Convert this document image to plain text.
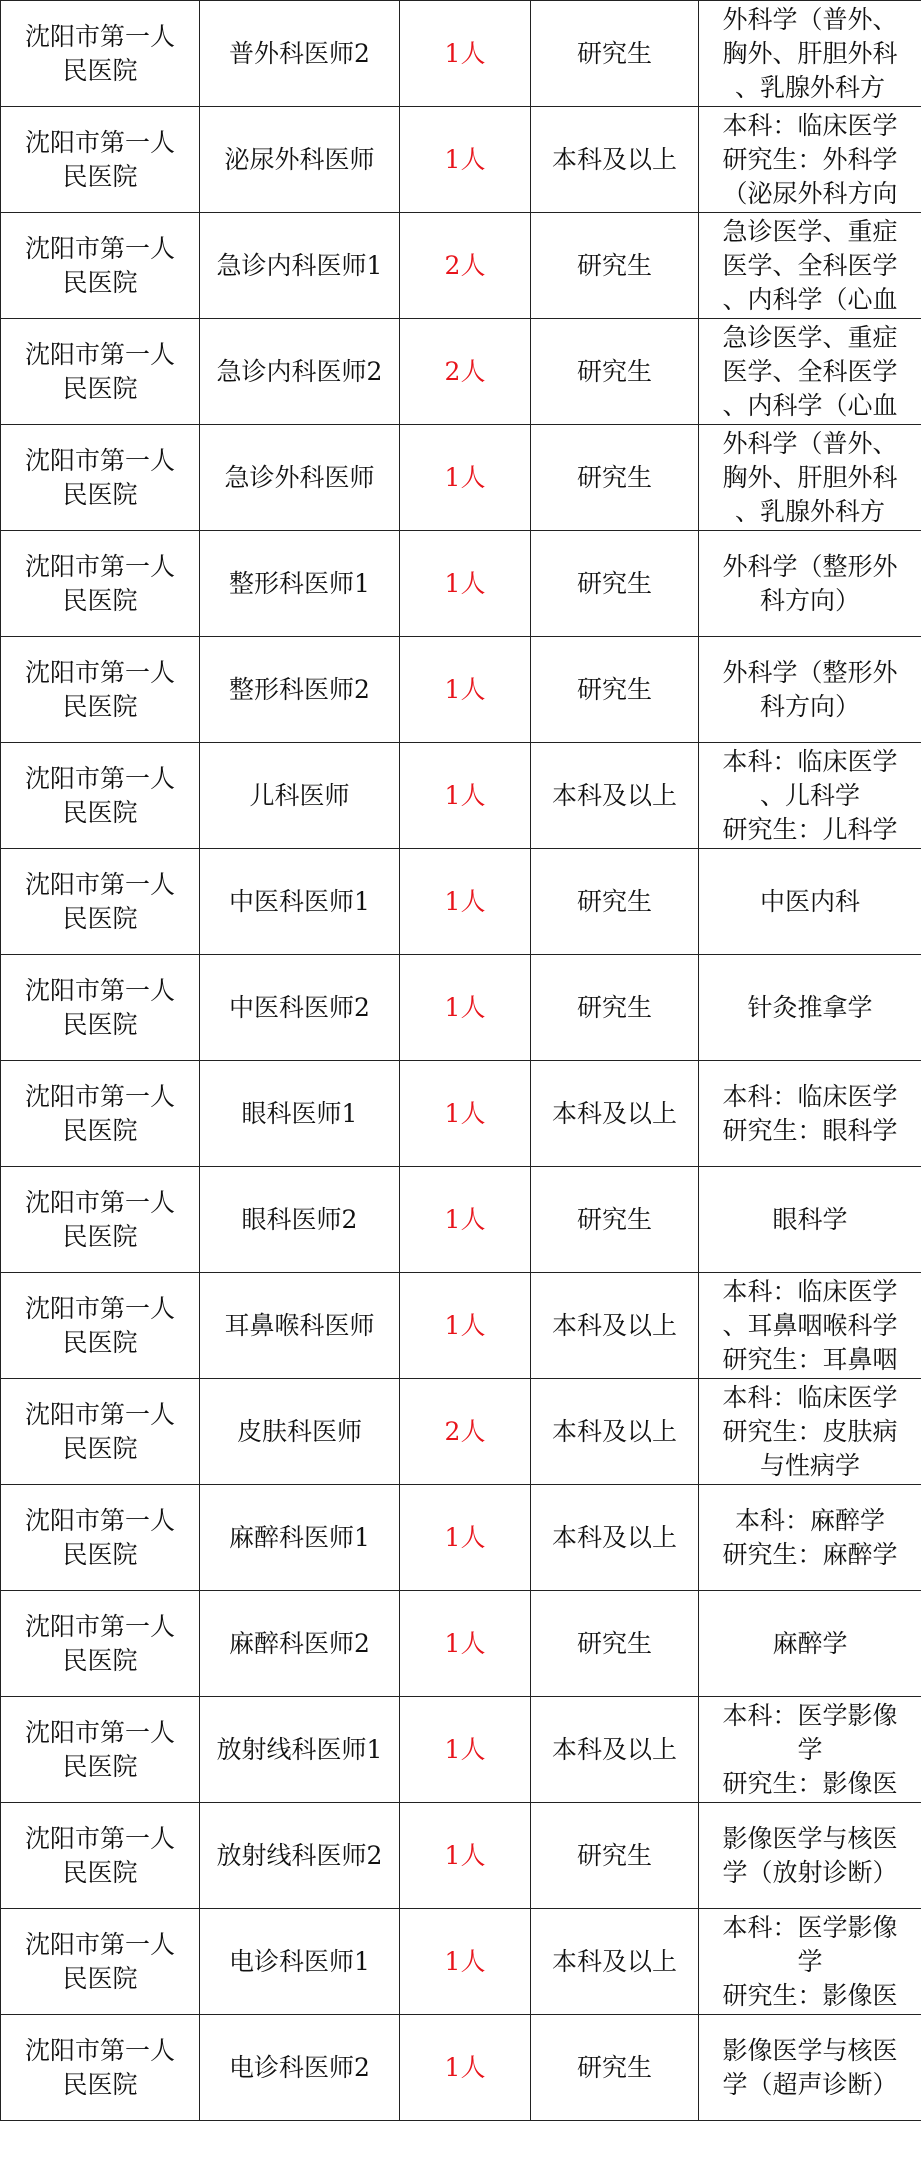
沈阳市第一人
民医院	普外科医师2	1人	研究生	外科学（普外、
胸外、肝胆外科
、乳腺外科方

沈阳市第一人
民医院	泌尿外科医师	1人	本科及以上	本科：临床医学
研究生：外科学
（泌尿外科方向

沈阳市第一人
民医院	急诊内科医师1	2人	研究生	急诊医学、重症
医学、全科医学
、内科学（心血

沈阳市第一人
民医院	急诊内科医师2	2人	研究生	急诊医学、重症
医学、全科医学
、内科学（心血

沈阳市第一人
民医院	急诊外科医师	1人	研究生	外科学（普外、
胸外、肝胆外科
、乳腺外科方

沈阳市第一人
民医院	整形科医师1	1人	研究生	外科学（整形外
科方向）

沈阳市第一人
民医院	整形科医师2	1人	研究生	外科学（整形外
科方向）

沈阳市第一人
民医院	儿科医师	1人	本科及以上	本科：临床医学
、儿科学
研究生：儿科学

沈阳市第一人
民医院	中医科医师1	1人	研究生	中医内科

沈阳市第一人
民医院	中医科医师2	1人	研究生	针灸推拿学

沈阳市第一人
民医院	眼科医师1	1人	本科及以上	本科：临床医学
研究生：眼科学

沈阳市第一人
民医院	眼科医师2	1人	研究生	眼科学

沈阳市第一人
民医院	耳鼻喉科医师	1人	本科及以上	本科：临床医学
、耳鼻咽喉科学
研究生：耳鼻咽

沈阳市第一人
民医院	皮肤科医师	2人	本科及以上	本科：临床医学
研究生：皮肤病
与性病学

沈阳市第一人
民医院	麻醉科医师1	1人	本科及以上	本科：麻醉学
研究生：麻醉学

沈阳市第一人
民医院	麻醉科医师2	1人	研究生	麻醉学

沈阳市第一人
民医院	放射线科医师1	1人	本科及以上	本科：医学影像
学
研究生：影像医

沈阳市第一人
民医院	放射线科医师2	1人	研究生	影像医学与核医
学（放射诊断）

沈阳市第一人
民医院	电诊科医师1	1人	本科及以上	本科：医学影像
学
研究生：影像医

沈阳市第一人
民医院	电诊科医师2	1人	研究生	影像医学与核医
学（超声诊断）
